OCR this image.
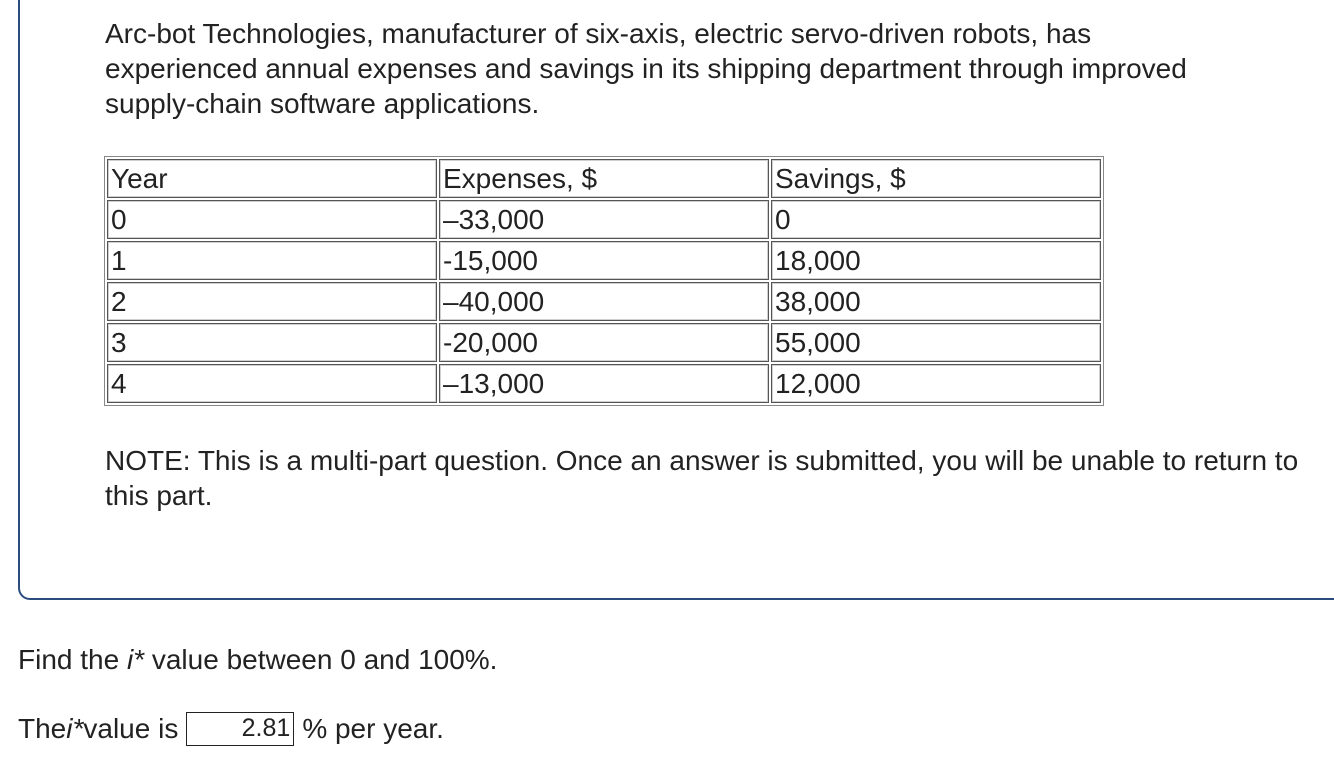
Arc-bot Technologies, manufacturer of six-axis, electric servo-driven robots, has experienced annual expenses and savings in its shipping department through improved supply-chain software applications.

Year	Expenses, $	Savings, $
0	–33,000	0
1	-15,000	18,000
2	–40,000	38,000
3	-20,000	55,000
4	–13,000	12,000

NOTE: This is a multi-part question. Once an answer is submitted, you will be unable to return to this part.

Find the i* value between 0 and 100%.

The i* value is	2.81 % per year.
